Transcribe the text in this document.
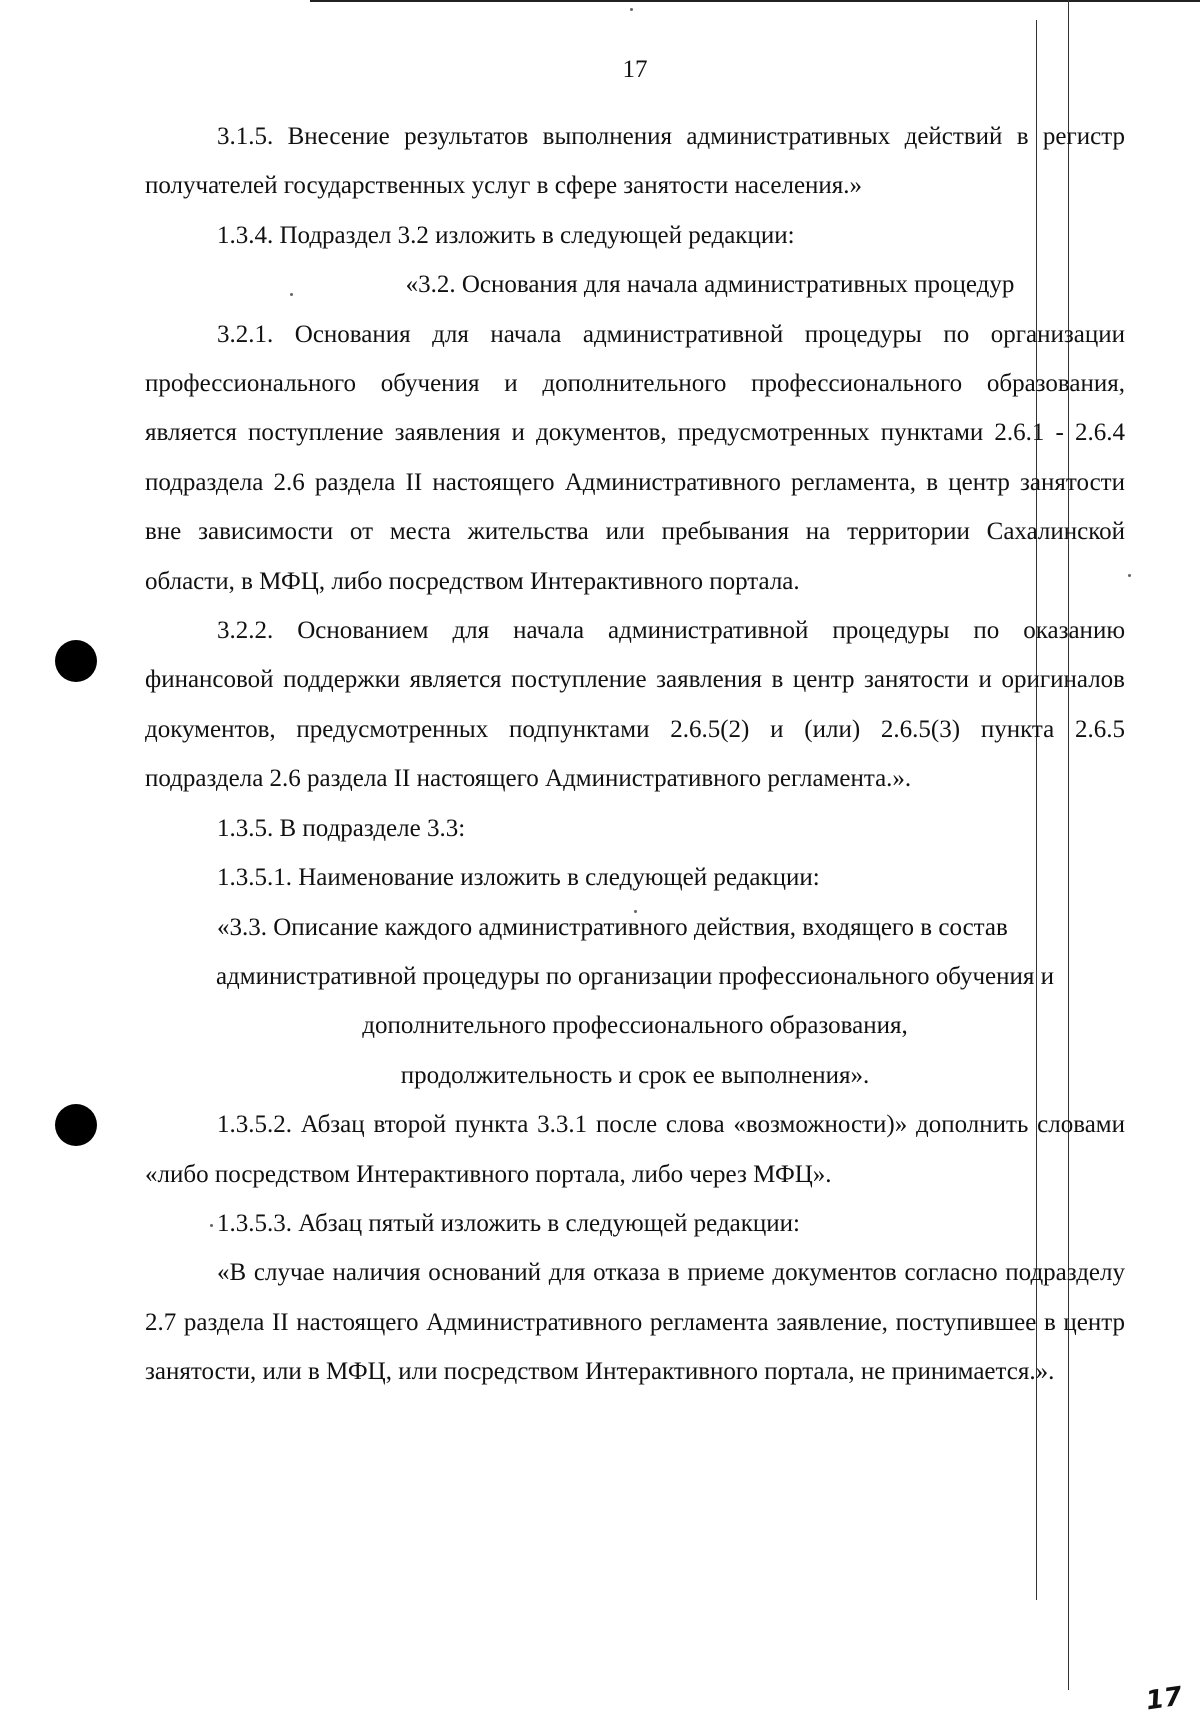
17

3.1.5. Внесение результатов выполнения административных действий в регистр получателей государственных услуг в сфере занятости населения.»

1.3.4. Подраздел 3.2 изложить в следующей редакции:

«3.2. Основания для начала административных процедур

3.2.1. Основания для начала административной процедуры по организации профессионального обучения и дополнительного профессионального образования, является поступление заявления и документов, предусмотренных пунктами 2.6.1 - 2.6.4 подраздела 2.6 раздела II настоящего Административного регламента, в центр занятости вне зависимости от места жительства или пребывания на территории Сахалинской области, в МФЦ, либо посредством Интерактивного портала.

3.2.2. Основанием для начала административной процедуры по оказанию финансовой поддержки является поступление заявления в центр занятости и оригиналов документов, предусмотренных подпунктами 2.6.5(2) и (или) 2.6.5(3) пункта 2.6.5 подраздела 2.6 раздела II настоящего Административного регламента.».

1.3.5. В подразделе 3.3:

1.3.5.1. Наименование изложить в следующей редакции:

«3.3. Описание каждого административного действия, входящего в состав

административной процедуры по организации профессионального обучения и

дополнительного профессионального образования,

продолжительность и срок ее выполнения».

1.3.5.2. Абзац второй пункта 3.3.1 после слова «возможности)» дополнить словами «либо посредством Интерактивного портала, либо через МФЦ».

1.3.5.3. Абзац пятый изложить в следующей редакции:

«В случае наличия оснований для отказа в приеме документов согласно подразделу 2.7 раздела II настоящего Административного регламента заявление, поступившее в центр занятости, или в МФЦ, или посредством Интерактивного портала, не принимается.».

17
